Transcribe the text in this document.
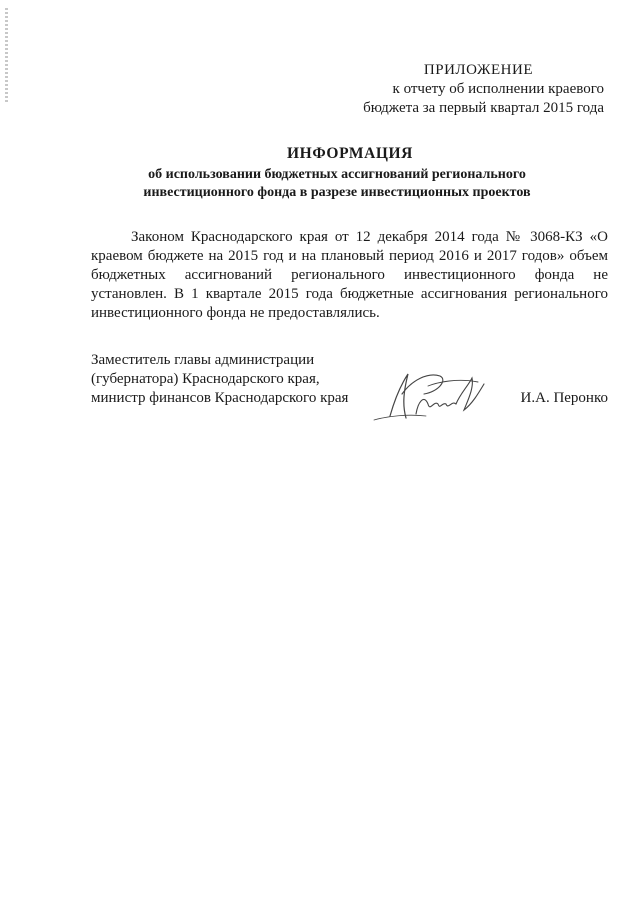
ПРИЛОЖЕНИЕ
к отчету об исполнении краевого
бюджета за первый квартал 2015 года
ИНФОРМАЦИЯ
об использовании бюджетных ассигнований регионального
инвестиционного фонда в разрезе инвестиционных проектов
Законом Краснодарского края от 12 декабря 2014 года № 3068-КЗ «О краевом бюджете на 2015 год и на плановый период 2016 и 2017 годов» объем бюджетных ассигнований регионального инвестиционного фонда не установлен. В 1 квартале 2015 года бюджетные ассигнования регионального инвестиционного фонда не предоставлялись.
Заместитель главы администрации
(губернатора) Краснодарского края,
министр финансов Краснодарского края	И.А. Перонко
